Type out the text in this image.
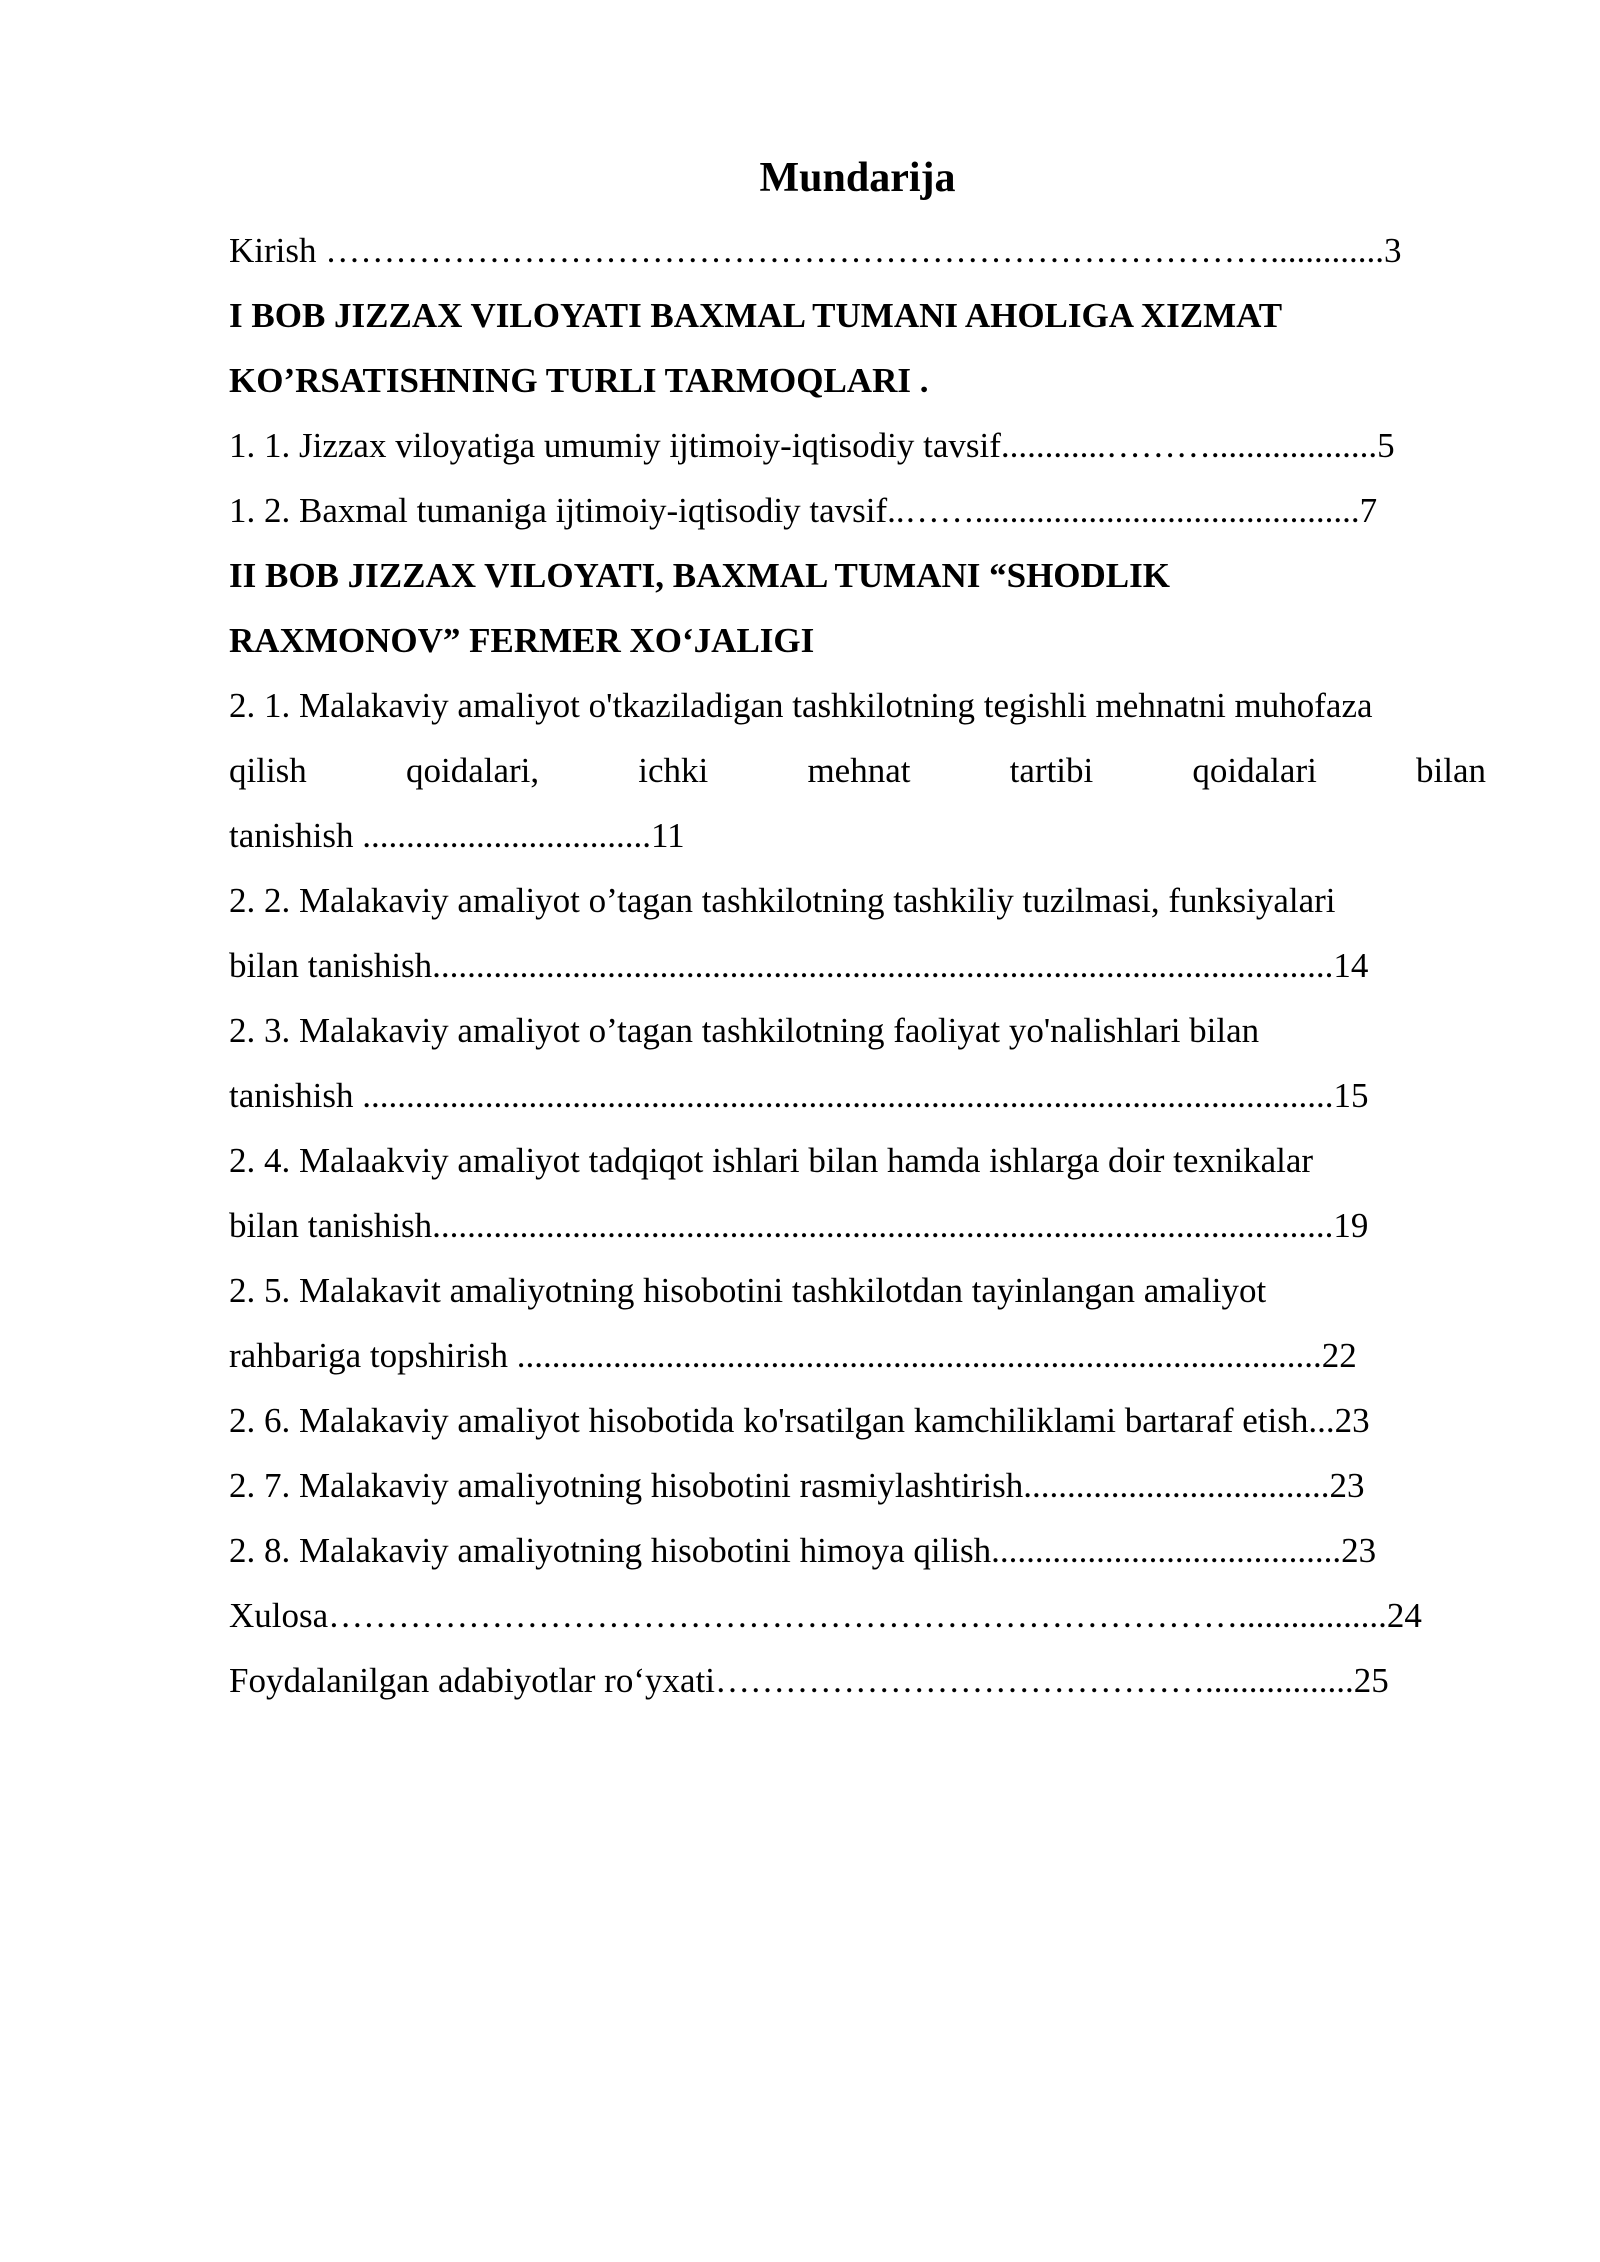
Mundarija
Kirish ……………………………………………………………………….............3
I BOB JIZZAX VILOYATI BAXMAL TUMANI AHOLIGA XIZMAT
KO’RSATISHNING TURLI TARMOQLARI .
1. 1. Jizzax viloyatiga umumiy ijtimoiy-iqtisodiy tavsif............………...................5
1. 2. Baxmal tumaniga ijtimoiy-iqtisodiy tavsif..……............................................7
II BOB JIZZAX VILOYATI, BAXMAL TUMANI “SHODLIK
RAXMONOV” FERMER XO‘JALIGI
2. 1. Malakaviy amaliyot o'tkaziladigan tashkilotning tegishli mehnatni muhofaza
qilish	qoidalari,	ichki	mehnat	tartibi	qoidalari	bilan
tanishish .................................11
2. 2. Malakaviy amaliyot o’tagan tashkilotning tashkiliy tuzilmasi, funksiyalari
bilan tanishish.......................................................................................................14
2. 3. Malakaviy amaliyot o’tagan tashkilotning faoliyat yo'nalishlari bilan
tanishish ...............................................................................................................15
2. 4. Malaakviy amaliyot tadqiqot ishlari bilan hamda ishlarga doir texnikalar
bilan tanishish.......................................................................................................19
2. 5. Malakavit amaliyotning hisobotini tashkilotdan tayinlangan amaliyot
rahbariga topshirish ............................................................................................22
2. 6. Malakaviy amaliyot hisobotida ko'rsatilgan kamchiliklami bartaraf etish...23
2. 7. Malakaviy amaliyotning hisobotini rasmiylashtirish...................................23
2. 8. Malakaviy amaliyotning hisobotini himoya qilish........................................23
Xulosa…………………………………………………………………….................24
Foydalanilgan adabiyotlar ro‘yxati…………………………………….................25
